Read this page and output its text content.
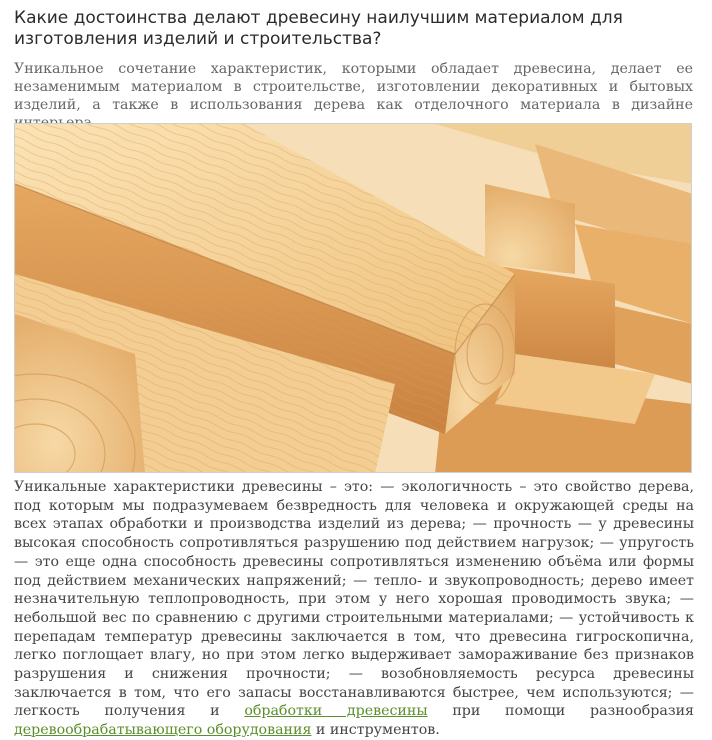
Какие достоинства делают древесину наилучшим материалом для изготовления изделий и строительства?

Уникальное сочетание характеристик, которыми обладает древесина, делает ее незаменимым материалом в строительстве, изготовлении декоративных и бытовых изделий, а также в использования дерева как отделочного материала в дизайне

Уникальные характеристики древесины – это: — экологичность – это свойство дерева, под которым мы подразумеваем безвредность для человека и окружающей среды на всех этапах обработки и производства изделий из дерева; — прочность — у древесины высокая способность сопротивляться разрушению под действием нагрузок; — упругость — это еще одна способность древесины сопротивляться изменению объёма или формы под действием механических напряжений; — тепло- и звукопроводность; дерево имеет незначительную теплопроводность, при этом у него хорошая проводимость звука; — небольшой вес по сравнению с другими строительными материалами; — устойчивость к перепадам температур древесины заключается в том, что древесина гигроскопична, легко поглощает влагу, но при этом легко выдерживает замораживание без признаков разрушения и снижения прочности; — возобновляемость ресурса древесины заключается в том, что его запасы восстанавливаются быстрее, чем используются; — легкость получения и обработки древесины при помощи разнообразия деревообрабатывающего оборудования и инструментов.
